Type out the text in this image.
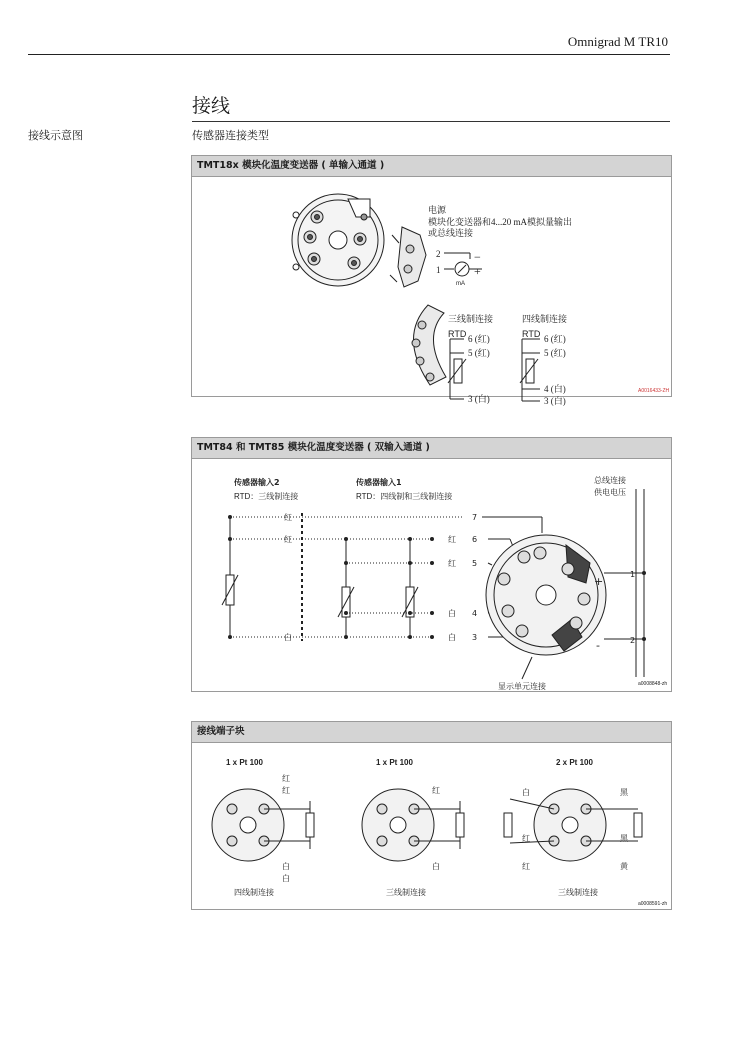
Omnigrad M TR10
接线
接线示意图	传感器连接类型
TMT18x 模块化温度变送器 ( 单输入通道 )
电源
模块化变送器和4...20 mA模拟量输出
或总线连接
2
1
−
+
mA
三线制连接	四线制连接
RTD	RTD
6 (红)
5 (红)
3 (白)
6 (红)
5 (红)
4 (白)
3 (白)
A0016433-ZH
TMT84 和 TMT85 模块化温度变送器 ( 双输入通道 )
传感器输入2
RTD：三线制连接
传感器输入1
RTD：四线制和三线制连接
总线连接
供电电压
红
红
白
红
红
白
白
7
6
5
4
3
1
2
+
-
显示单元连接	a0008848-zh
接线端子块
1 x Pt 100	1 x Pt 100	2 x Pt 100
红
红
白
白
红
白
白
红
红
黑
黑
黄
四线制连接	三线制连接	三线制连接
a0008591-zh
